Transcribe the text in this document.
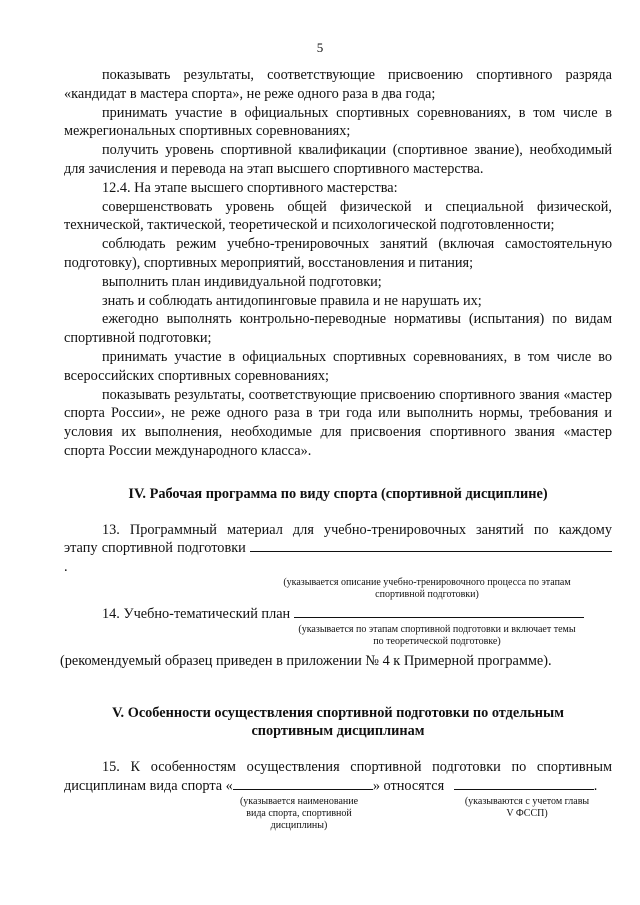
5

показывать результаты, соответствующие присвоению спортивного разряда «кандидат в мастера спорта», не реже одного раза в два года;

принимать участие в официальных спортивных соревнованиях, в том числе в межрегиональных спортивных соревнованиях;

получить уровень спортивной квалификации (спортивное звание), необходимый для зачисления и перевода на этап высшего спортивного мастерства.

12.4. На этапе высшего спортивного мастерства:

совершенствовать уровень общей физической и специальной физической, технической, тактической, теоретической и психологической подготовленности;

соблюдать режим учебно-тренировочных занятий (включая самостоятельную подготовку), спортивных мероприятий, восстановления и питания;

выполнить план индивидуальной подготовки;

знать и соблюдать антидопинговые правила и не нарушать их;

ежегодно выполнять контрольно-переводные нормативы (испытания) по видам спортивной подготовки;

принимать участие в официальных спортивных соревнованиях, в том числе во всероссийских спортивных соревнованиях;

показывать результаты, соответствующие присвоению спортивного звания «мастер спорта России», не реже одного раза в три года или выполнить нормы, требования и условия их выполнения, необходимые для присвоения спортивного звания «мастер спорта России международного класса».

IV. Рабочая программа по виду спорта (спортивной дисциплине)

13. Программный материал для учебно-тренировочных занятий по каждому

этапу спортивной подготовки .

(указывается описание учебно-тренировочного процесса по этапам
спортивной подготовки)

14. Учебно-тематический план

(указывается по этапам спортивной подготовки и включает темы
по теоретической подготовке)

(рекомендуемый образец приведен в приложении № 4 к Примерной программе).

V. Особенности осуществления спортивной подготовки по отдельным
спортивным дисциплинам

15. К особенностям осуществления спортивной подготовки по спортивным

дисциплинам вида спорта «	» относятся	.

(указывается наименование
вида спорта, спортивной
дисциплины)
(указываются с учетом главы
V ФССП)
